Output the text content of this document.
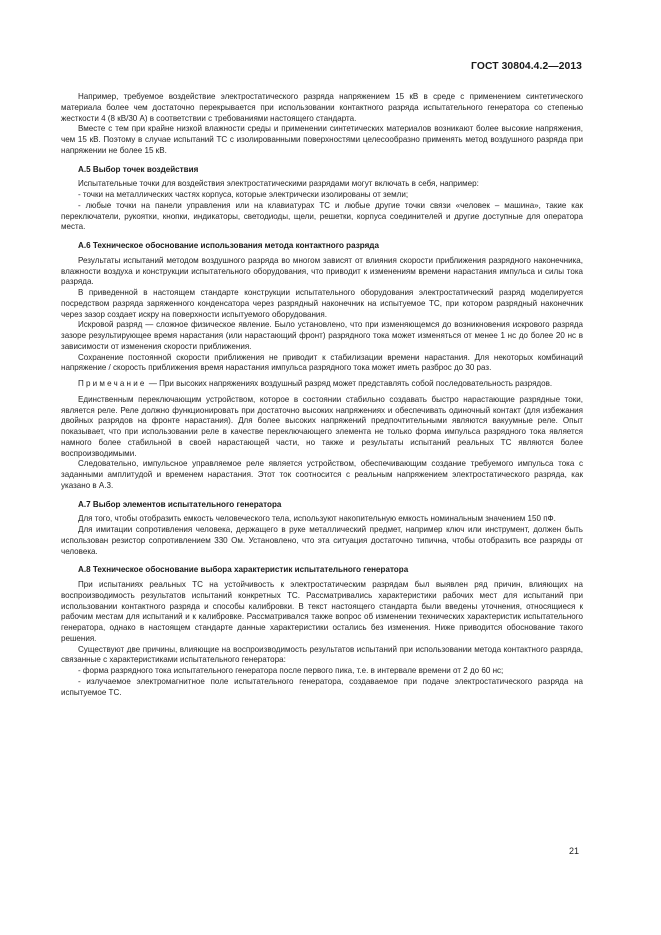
ГОСТ 30804.4.2—2013

Например, требуемое воздействие электростатического разряда напряжением 15 кВ в среде с применением синтетического материала более чем достаточно перекрывается при использовании контактного разряда испытательного генератора со степенью жесткости 4 (8 кВ/30 А) в соответствии с требованиями настоящего стандарта.

Вместе с тем при крайне низкой влажности среды и применении синтетических материалов возникают более высокие напряжения, чем 15 кВ. Поэтому в случае испытаний ТС с изолированными поверхностями целесообразно применять метод воздушного разряда при напряжении не более 15 кВ.

А.5 Выбор точек воздействия

Испытательные точки для воздействия электростатическими разрядами могут включать в себя, например:

- точки на металлических частях корпуса, которые электрически изолированы от земли;

- любые точки на панели управления или на клавиатурах ТС и любые другие точки связи «человек – машина», такие как переключатели, рукоятки, кнопки, индикаторы, светодиоды, щели, решетки, корпуса соединителей и другие доступные для оператора места.

А.6 Техническое обоснование использования метода контактного разряда

Результаты испытаний методом воздушного разряда во многом зависят от влияния скорости приближения разрядного наконечника, влажности воздуха и конструкции испытательного оборудования, что приводит к изменениям времени нарастания импульса и силы тока разряда.

В приведенной в настоящем стандарте конструкции испытательного оборудования электростатический разряд моделируется посредством разряда заряженного конденсатора через разрядный наконечник на испытуемое ТС, при котором разрядный наконечник через зазор создает искру на поверхности испытуемого оборудования.

Искровой разряд — сложное физическое явление. Было установлено, что при изменяющемся до возникновения искрового разряда зазоре результирующее время нарастания (или нарастающий фронт) разрядного тока может изменяться от менее 1 нс до более 20 нс в зависимости от изменения скорости приближения.

Сохранение постоянной скорости приближения не приводит к стабилизации времени нарастания. Для некоторых комбинаций напряжение / скорость приближения время нарастания импульса разрядного тока может иметь разброс до 30 раз.

Примечание — При высоких напряжениях воздушный разряд может представлять собой последовательность разрядов.

Единственным переключающим устройством, которое в состоянии стабильно создавать быстро нарастающие разрядные токи, является реле. Реле должно функционировать при достаточно высоких напряжениях и обеспечивать одиночный контакт (для избежания двойных разрядов на фронте нарастания). Для более высоких напряжений предпочтительными являются вакуумные реле. Опыт показывает, что при использовании реле в качестве переключающего элемента не только форма импульса разрядного тока является намного более стабильной в своей нарастающей части, но также и результаты испытаний реальных ТС являются более воспроизводимыми.

Следовательно, импульсное управляемое реле является устройством, обеспечивающим создание требуемого импульса тока с заданными амплитудой и временем нарастания. Этот ток соотносится с реальным напряжением электростатического разряда, как указано в А.3.

А.7 Выбор элементов испытательного генератора

Для того, чтобы отобразить емкость человеческого тела, используют накопительную емкость номинальным значением 150 пФ.

Для имитации сопротивления человека, держащего в руке металлический предмет, например ключ или инструмент, должен быть использован резистор сопротивлением 330 Ом. Установлено, что эта ситуация достаточно типична, чтобы отобразить все разряды от человека.

А.8 Техническое обоснование выбора характеристик испытательного генератора

При испытаниях реальных ТС на устойчивость к электростатическим разрядам был выявлен ряд причин, влияющих на воспроизводимость результатов испытаний конкретных ТС. Рассматривались характеристики рабочих мест для испытаний при использовании контактного разряда и способы калибровки. В текст настоящего стандарта были введены уточнения, относящиеся к рабочим местам для испытаний и к калибровке. Рассматривался также вопрос об изменении технических характеристик испытательного генератора, однако в настоящем стандарте данные характеристики остались без изменения. Ниже приводится обоснование такого решения.

Существуют две причины, влияющие на воспроизводимость результатов испытаний при использовании метода контактного разряда, связанные с характеристиками испытательного генератора:

- форма разрядного тока испытательного генератора после первого пика, т.е. в интервале времени от 2 до 60 нс;

- излучаемое электромагнитное поле испытательного генератора, создаваемое при подаче электростатического разряда на испытуемое ТС.

21
